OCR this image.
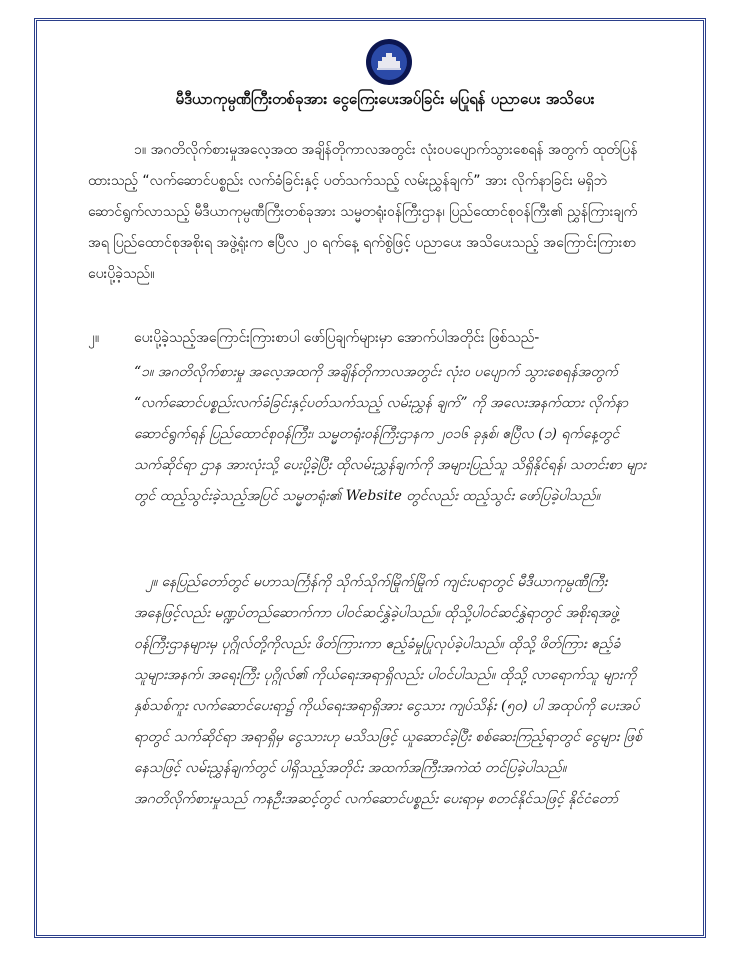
မီဒီယာကုမ္ပဏီကြီးတစ်ခုအား ငွေကြေးပေးအပ်ခြင်း မပြုရန် ပညာပေး အသိပေး
၁။ အဂတိလိုက်စားမှုအလေ့အထ အချိန်တိုကာလအတွင်း လုံးဝပပျောက်သွားစေရန် အတွက် ထုတ်ပြန်ထားသည့် “လက်ဆောင်ပစ္စည်း လက်ခံခြင်းနှင့် ပတ်သက်သည့် လမ်းညွှန်ချက်” အား လိုက်နာခြင်း မရှိဘဲ ဆောင်ရွက်လာသည့် မီဒီယာကုမ္ပဏီကြီးတစ်ခုအား သမ္မတရုံးဝန်ကြီးဌာန၊ ပြည်ထောင်စုဝန်ကြီး၏ ညွှန်ကြားချက်အရ ပြည်ထောင်စုအစိုးရ အဖွဲ့ရုံးက ဧပြီလ ၂၀ ရက်နေ့ ရက်စွဲဖြင့် ပညာပေး အသိပေးသည့် အကြောင်းကြားစာ ပေးပို့ခဲ့သည်။
၂။ ပေးပို့ခဲ့သည့်အကြောင်းကြားစာပါ ဖော်ပြချက်များမှာ အောက်ပါအတိုင်း ဖြစ်သည်-
“၁။ အဂတိလိုက်စားမှု အလေ့အထကို အချိန်တိုကာလအတွင်း လုံးဝ ပပျောက် သွားစေရန်အတွက် “လက်ဆောင်ပစ္စည်းလက်ခံခြင်းနှင့်ပတ်သက်သည့် လမ်းညွှန် ချက်” ကို အလေးအနက်ထား လိုက်နာ ဆောင်ရွက်ရန် ပြည်ထောင်စုဝန်ကြီး၊ သမ္မတရုံးဝန်ကြီးဌာနက ၂၀၁၆ ခုနှစ်၊ ဧပြီလ (၁) ရက်နေ့တွင် သက်ဆိုင်ရာ ဌာန အားလုံးသို့ ပေးပို့ခဲ့ပြီး ထိုလမ်းညွှန်ချက်ကို အများပြည်သူ သိရှိနိုင်ရန်၊ သတင်းစာ များတွင် ထည့်သွင်းခဲ့သည့်အပြင် သမ္မတရုံး၏ Website တွင်လည်း ထည့်သွင်း ဖော်ပြခဲ့ပါသည်။
၂။ နေပြည်တော်တွင် မဟာသင်္ကြန်ကို သိုက်သိုက်မြိုက်မြိုက် ကျင်းပရာတွင် မီဒီယာကုမ္ပဏီကြီး အနေဖြင့်လည်း မဏ္ဍပ်တည်ဆောက်ကာ ပါဝင်ဆင်နွှဲခဲ့ပါသည်။ ထိုသို့ပါဝင်ဆင်နွှဲရာတွင် အစိုးရအဖွဲ့ ဝန်ကြီးဌာနများမှ ပုဂ္ဂိုလ်တို့ကိုလည်း ဖိတ်ကြားကာ ဧည့်ခံမှုပြုလုပ်ခဲ့ပါသည်။ ထိုသို့ ဖိတ်ကြား ဧည့်ခံသူများအနက်၊ အရေးကြီး ပုဂ္ဂိုလ်၏ ကိုယ်ရေးအရာရှိလည်း ပါဝင်ပါသည်။ ထိုသို့ လာရောက်သူ များကို နှစ်သစ်ကူး လက်ဆောင်ပေးရာ၌ ကိုယ်ရေးအရာရှိအား ငွေသား ကျပ်သိန်း (၅၀) ပါ အထုပ်ကို ပေးအပ်ရာတွင် သက်ဆိုင်ရာ အရာရှိမှ ငွေသားဟု မသိသဖြင့် ယူဆောင်ခဲ့ပြီး စစ်ဆေးကြည့်ရာတွင် ငွေများ ဖြစ်နေသဖြင့် လမ်းညွှန်ချက်တွင် ပါရှိသည့်အတိုင်း အထက်အကြီးအကဲထံ တင်ပြခဲ့ပါသည်။ အဂတိလိုက်စားမှုသည် ကနဦးအဆင့်တွင် လက်ဆောင်ပစ္စည်း ပေးရာမှ စတင်နိုင်သဖြင့် နိုင်ငံတော်
